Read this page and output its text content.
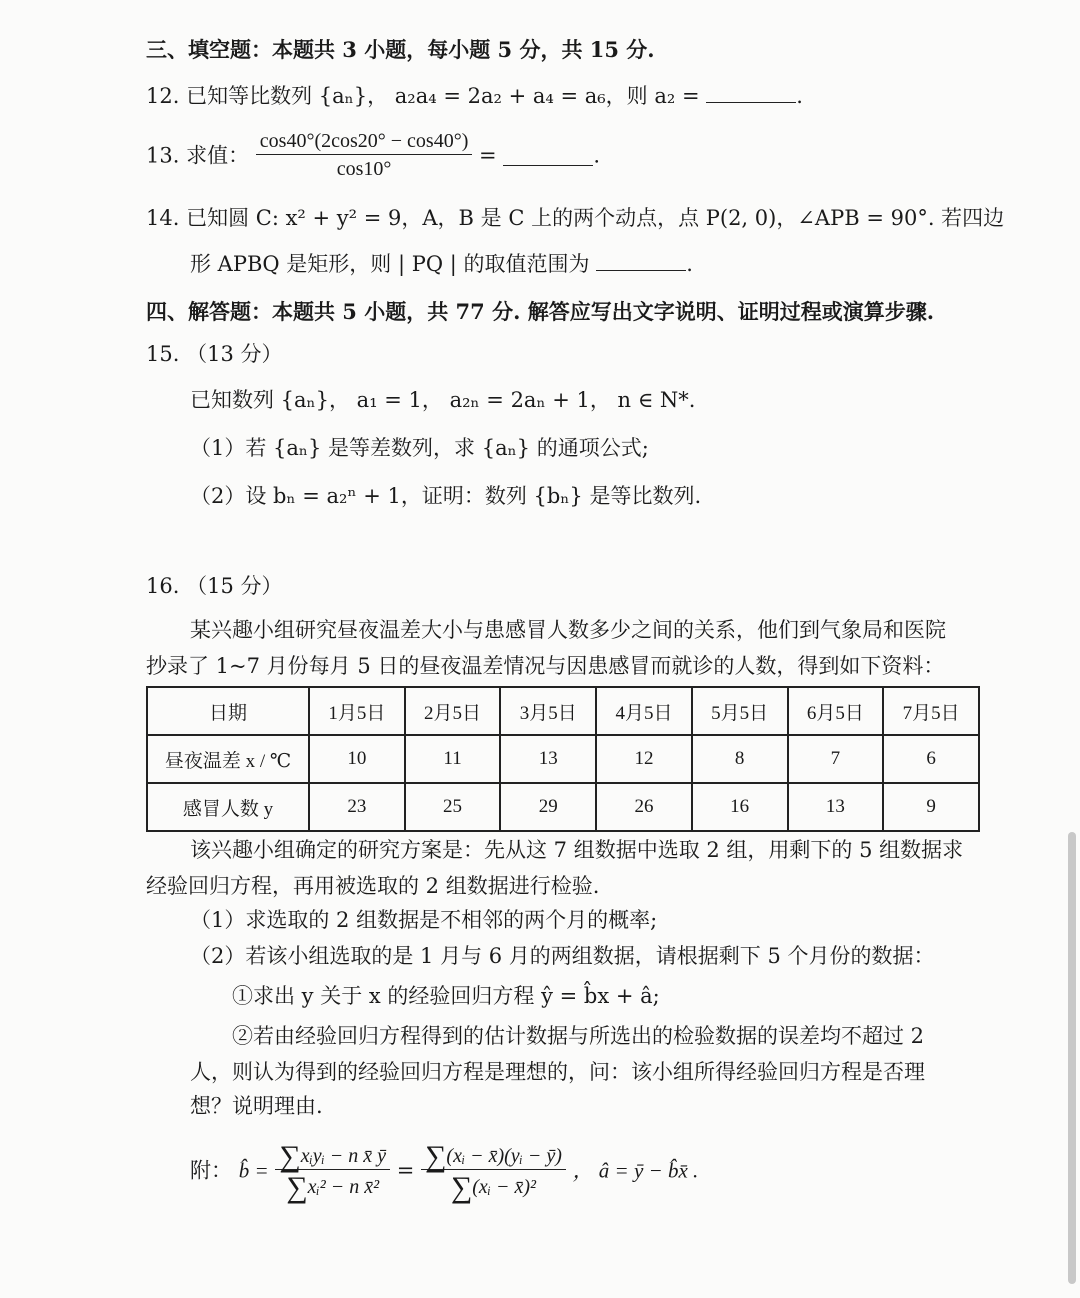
三、填空题：本题共 3 小题，每小题 5 分，共 15 分.
12. 已知等比数列 {aₙ}， a₂a₄ = 2a₂ + a₄ = a₆，则 a₂ =	.
13. 求值： $\frac{\cos 40^\circ(2\cos 20^\circ - \cos 40^\circ)}{\cos 10^\circ}$ =	.
14. 已知圆 C: x² + y² = 9，A，B 是 C 上的两个动点，点 P(2, 0)，∠APB = 90°. 若四边
形 APBQ 是矩形，则 | PQ | 的取值范围为	.
四、解答题：本题共 5 小题，共 77 分. 解答应写出文字说明、证明过程或演算步骤.
15. （13 分）
已知数列 {aₙ}， a₁ = 1， a₂ₙ = 2aₙ + 1， n ∈ N*.
（1）若 {aₙ} 是等差数列，求 {aₙ} 的通项公式;
（2）设 bₙ = a₂ⁿ + 1，证明：数列 {bₙ} 是等比数列.
16. （15 分）
某兴趣小组研究昼夜温差大小与患感冒人数多少之间的关系，他们到气象局和医院
抄录了 1~7 月份每月 5 日的昼夜温差情况与因患感冒而就诊的人数，得到如下资料：
日期	1月5日	2月5日	3月5日	4月5日	5月5日	6月5日	7月5日
昼夜温差 x / ℃	10	11	13	12	8	7	6
感冒人数 y	23	25	29	26	16	13	9
该兴趣小组确定的研究方案是：先从这 7 组数据中选取 2 组，用剩下的 5 组数据求
经验回归方程，再用被选取的 2 组数据进行检验.
（1）求选取的 2 组数据是不相邻的两个月的概率;
（2）若该小组选取的是 1 月与 6 月的两组数据，请根据剩下 5 个月份的数据：
①求出 y 关于 x 的经验回归方程 ŷ = b̂x + â;
②若由经验回归方程得到的估计数据与所选出的检验数据的误差均不超过 2
人，则认为得到的经验回归方程是理想的，问：该小组所得经验回归方程是否理
想？说明理由.
附： b̂ = $\frac{\text{∑xᵢyᵢ − n x̄ ȳ}}{\text{∑xᵢ² − n x̄²}} = \frac{\text{∑(xᵢ − x̄)(yᵢ − ȳ)}}{\text{∑(xᵢ − x̄)²}}$ ， â = ȳ − b̂x̄ .
